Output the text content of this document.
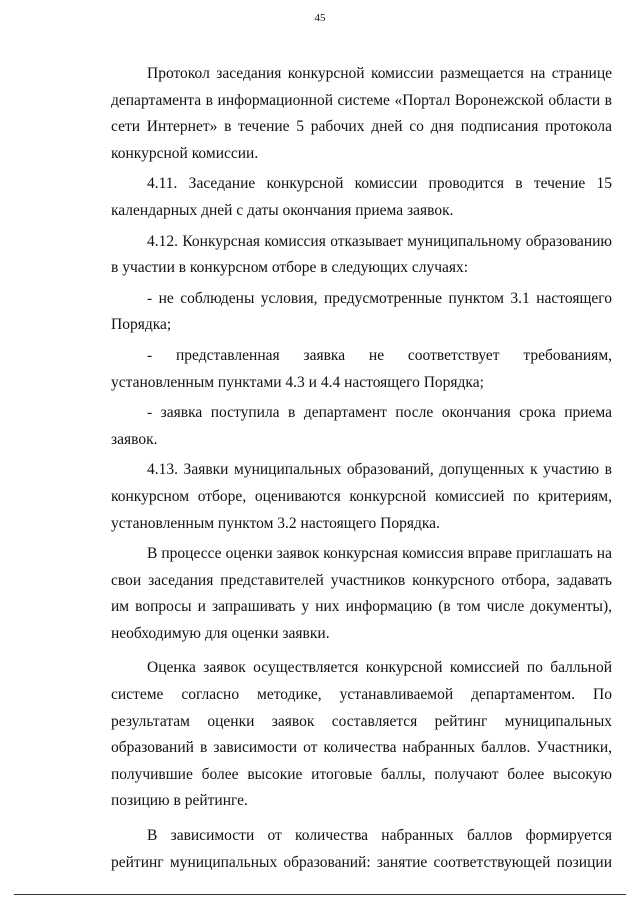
45

Протокол заседания конкурсной комиссии размещается на странице департамента в информационной системе «Портал Воронежской области в сети Интернет» в течение 5 рабочих дней со дня подписания протокола конкурсной комиссии.

4.11. Заседание конкурсной комиссии проводится в течение 15 календарных дней с даты окончания приема заявок.

4.12. Конкурсная комиссия отказывает муниципальному образованию в участии в конкурсном отборе в следующих случаях:

- не соблюдены условия, предусмотренные пунктом 3.1 настоящего Порядка;

- представленная заявка не соответствует требованиям, установленным пунктами 4.3 и 4.4 настоящего Порядка;

- заявка поступила в департамент после окончания срока приема заявок.

4.13. Заявки муниципальных образований, допущенных к участию в конкурсном отборе, оцениваются конкурсной комиссией по критериям, установленным пунктом 3.2 настоящего Порядка.

В процессе оценки заявок конкурсная комиссия вправе приглашать на свои заседания представителей участников конкурсного отбора, задавать им вопросы и запрашивать у них информацию (в том числе документы), необходимую для оценки заявки.

Оценка заявок осуществляется конкурсной комиссией по балльной системе согласно методике, устанавливаемой департаментом. По результатам оценки заявок составляется рейтинг муниципальных образований в зависимости от количества набранных баллов. Участники, получившие более высокие итоговые баллы, получают более высокую позицию в рейтинге.

В зависимости от количества набранных баллов формируется рейтинг муниципальных образований: занятие соответствующей позиции
